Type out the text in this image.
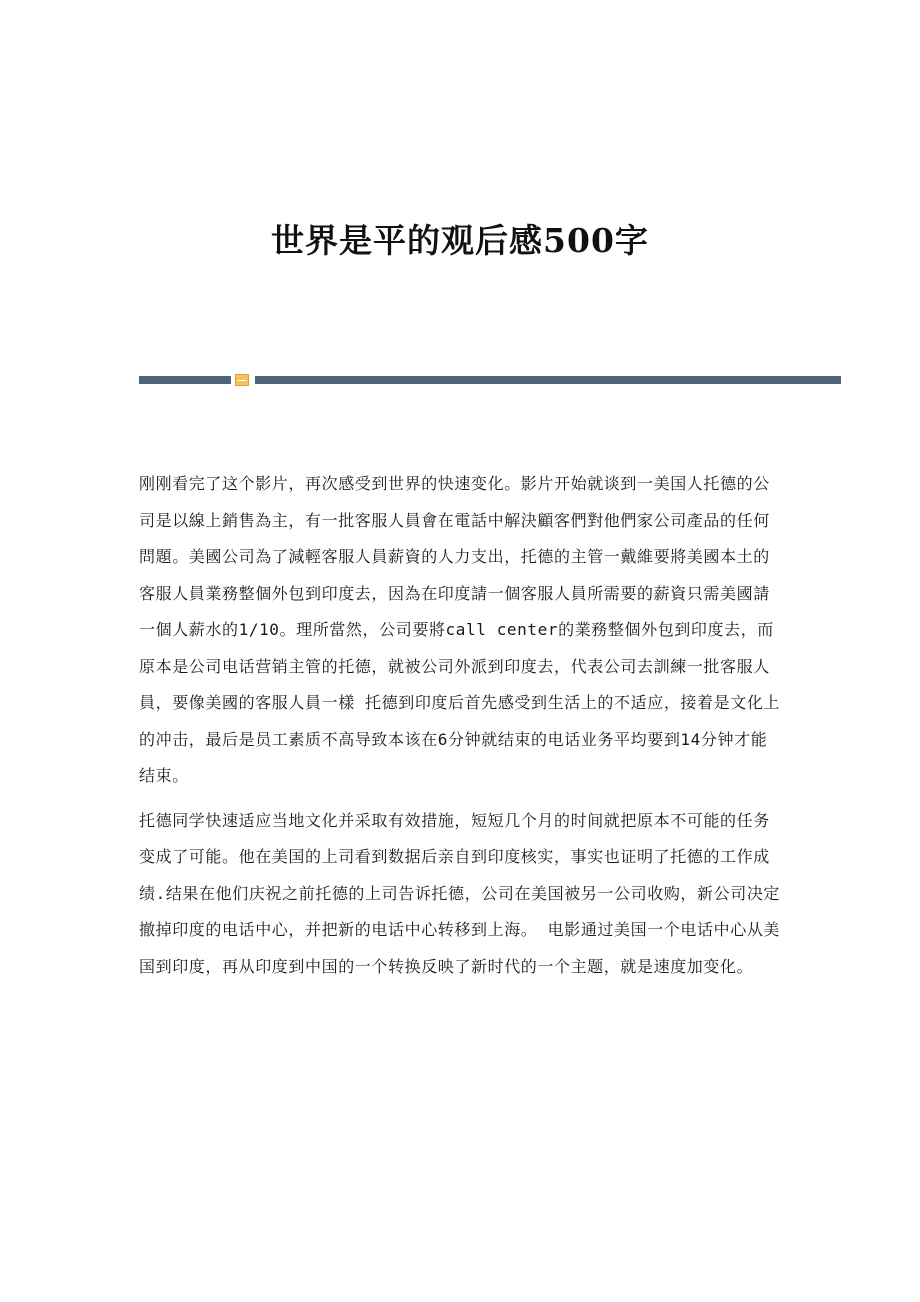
世界是平的观后感500字

刚刚看完了这个影片，再次感受到世界的快速变化。影片开始就谈到一美国人托德的公司是以線上銷售為主，有一批客服人員會在電話中解決顧客們對他們家公司產品的任何問題。美國公司為了減輕客服人員薪資的人力支出，托德的主管一戴維要將美國本土的客服人員業務整個外包到印度去，因為在印度請一個客服人員所需要的薪資只需美國請一個人薪水的1/10。理所當然，公司要將call center的業務整個外包到印度去，而原本是公司电话营销主管的托德，就被公司外派到印度去，代表公司去訓練一批客服人員，要像美國的客服人員一樣 托德到印度后首先感受到生活上的不适应，接着是文化上的冲击，最后是员工素质不高导致本该在6分钟就结束的电话业务平均要到14分钟才能结束。

托德同学快速适应当地文化并采取有效措施，短短几个月的时间就把原本不可能的任务变成了可能。他在美国的上司看到数据后亲自到印度核实，事实也证明了托德的工作成绩.结果在他们庆祝之前托德的上司告诉托德，公司在美国被另一公司收购，新公司决定撤掉印度的电话中心，并把新的电话中心转移到上海。 电影通过美国一个电话中心从美国到印度，再从印度到中国的一个转换反映了新时代的一个主题，就是速度加变化。
